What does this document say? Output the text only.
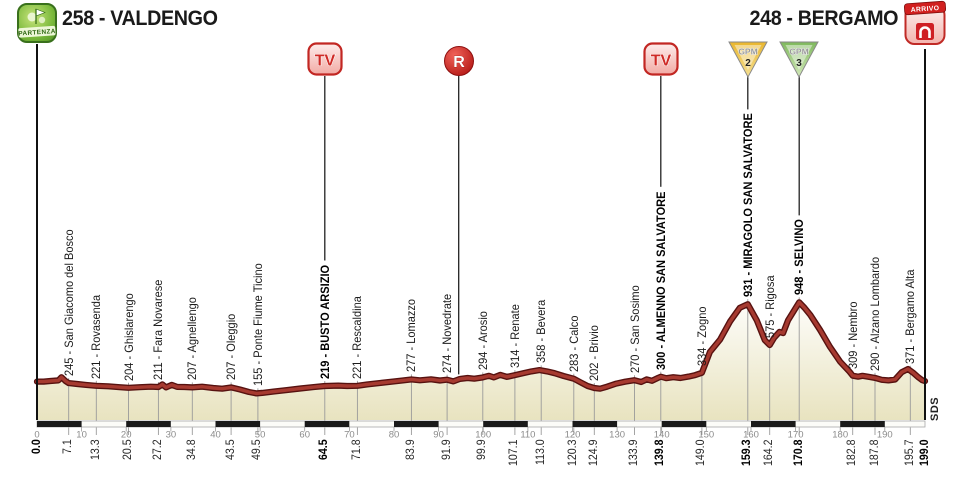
0	10	20	30	40	50	60	70	80	90	100	110	120	130	140	150	160	170	180	190
PARTENZA
ARRIVO
258 - VALDENGO	248 - BERGAMO
245 - San Giacomo del Bosco 221 - Rovasenda 204 - Ghislarengo 211 - Fara Novarese 207 - Agnellengo 207 - Oleggio 155 - Ponte Fiume Ticino	219 - BUSTO ARSIZIO 221 - Rescaldina	277 - Lomazzo 274 - Novedrate 294 - Arosio 314 - Renate 358 - Bevera 283 - Calco 202 - Brivio 270 - San Sosimo 300 - ALMENNO SAN SALVATORE 334 - Zogno
931 - MIRAGOLO SAN SALVATORE
575 - Rigosa
948 - SELVINO
309 - Nembro 290 - Alzano Lombardo 371 - Bergamo Alta
0.0 7.1 13.3 20.5 27.2 34.8 43.5 49.5	64.5 71.8	83.9 91.9 99.9 107.1 113.0 120.3 124.9 133.9 139.8	149.0	159.3 164.2 170.8	182.8 187.8 195.7 199.0
TV	R	TV
GPM
2
GPM
3
SDS
